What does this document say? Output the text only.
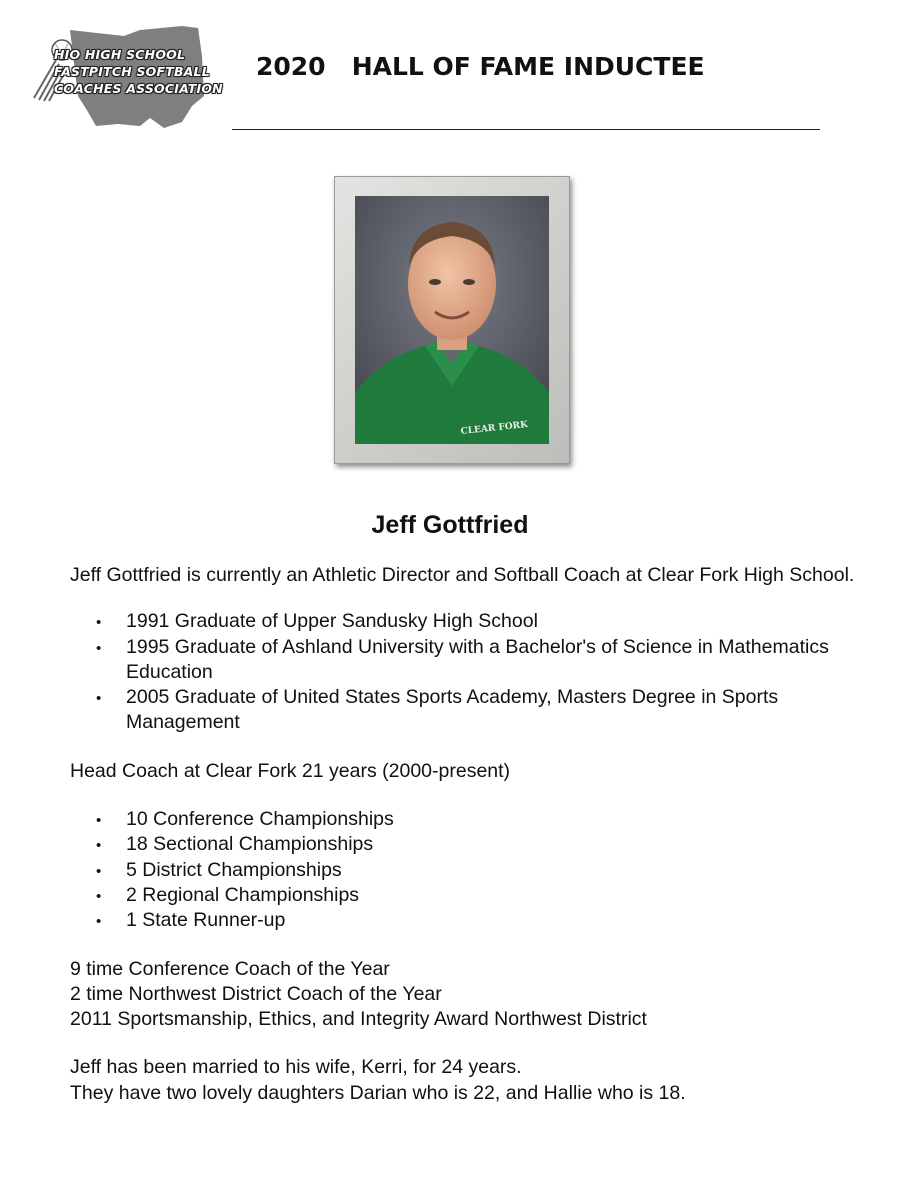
HIO HIGH SCHOOL
FASTPITCH SOFTBALL
COACHES ASSOCIATION
2020   HALL OF FAME INDUCTEE
CLEAR FORK
Jeff Gottfried

Jeff Gottfried is currently an Athletic Director and Softball Coach at Clear Fork High School.

• 1991 Graduate of Upper Sandusky High School
• 1995 Graduate of Ashland University with a Bachelor's of Science in Mathematics Education
• 2005 Graduate of United States Sports Academy, Masters Degree in Sports Management

Head Coach at Clear Fork 21 years (2000-present)

• 10 Conference Championships
• 18 Sectional Championships
• 5 District Championships
• 2 Regional Championships
• 1 State Runner-up

9 time Conference Coach of the Year

2 time Northwest District Coach of the Year

2011 Sportsmanship, Ethics, and Integrity Award Northwest District

Jeff has been married to his wife, Kerri, for 24 years.

They have two lovely daughters Darian who is 22, and Hallie who is 18.
